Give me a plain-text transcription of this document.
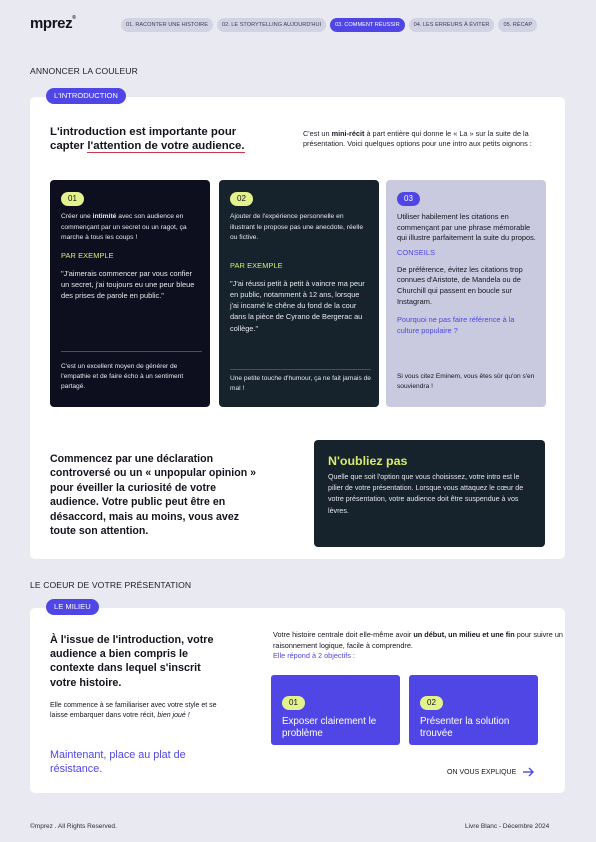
mprez®
01. RACONTER UNE HISTOIRE	02. LE STORYTELLING AUJOURD'HUI	03. COMMENT RÉUSSIR	04. LES ERREURS À ÉVITER	05. RÉCAP
ANNONCER LA COULEUR
L'INTRODUCTION
L'introduction est importante pour capter l'attention de votre audience.
C'est un mini-récit à part entière qui donne le « La » sur la suite de la présentation. Voici quelques options pour une intro aux petits oignons :
01
Créer une intimité avec son audience en commençant par un secret ou un ragot, ça marche à tous les coups !
PAR EXEMPLE
"J'aimerais commencer par vous confier un secret, j'ai toujours eu une peur bleue des prises de parole en public."
C'est un excellent moyen de générer de l'empathie et de faire écho à un sentiment partagé.
02
Ajouter de l'expérience personnelle en illustrant le propose pas une anecdote, réelle ou fictive.
PAR EXEMPLE
"J'ai réussi petit à petit à vaincre ma peur en public, notamment à 12 ans, lorsque j'ai incarné le chêne du fond de la cour dans la pièce de Cyrano de Bergerac au collège."
Une petite touche d'humour, ça ne fait jamais de mal !
03
Utiliser habilement les citations en commençant par une phrase mémorable qui illustre parfaitement la suite du propos.
CONSEILS
De préférence, évitez les citations trop connues d'Aristote, de Mandela ou de Churchill qui passent en boucle sur Instagram.
Pourquoi ne pas faire référence à la culture populaire ?
Si vous citez Eminem, vous êtes sûr qu'on s'en souviendra !
Commencez par une déclaration controversé ou un « unpopular opinion » pour éveiller la curiosité de votre audience. Votre public peut être en désaccord, mais au moins, vous avez toute son attention.
N'oubliez pas
Quelle que soit l'option que vous choisissez, votre intro est le pilier de votre présentation. Lorsque vous attaquez le cœur de votre présentation, votre audience doit être suspendue à vos lèvres.
LE COEUR DE VOTRE PRÉSENTATION
LE MILIEU
À l'issue de l'introduction, votre audience a bien compris le contexte dans lequel s'inscrit votre histoire.
Elle commence à se familiariser avec votre style et se laisse embarquer dans votre récit, bien joué !
Maintenant, place au plat de résistance.
Votre histoire centrale doit elle-même avoir un début, un milieu et une fin pour suivre un raisonnement logique, facile à comprendre.
Elle répond à 2 objectifs :
01
Exposer clairement le problème
02
Présenter la solution trouvée
ON VOUS EXPLIQUE
©mprez . All Rights Reserved.	Livre Blanc - Décembre 2024
